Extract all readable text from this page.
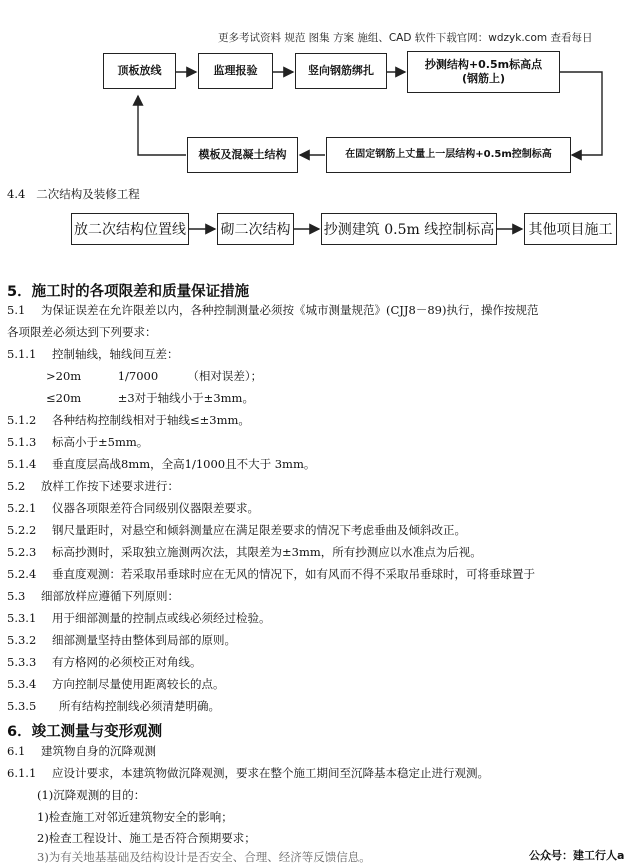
更多考试资料 规范 图集 方案 施组、CAD 软件下载官网：wdzyk.com 查看每日
顶板放线	监理报验	竖向钢筋绑扎	抄测结构+0.5m标高点
(钢筋上)
模板及混凝土结构	在固定钢筋上丈量上一层结构+0.5m控制标高
4.4 二次结构及装修工程
放二次结构位置线 砌二次结构 抄测建筑 0.5m 线控制标高 其他项目施工
5．施工时的各项限差和质量保证措施
5.1 为保证误差在允许限差以内，各种控制测量必须按《城市测量规范》(CJJ8－89)执行，操作按规范
各项限差必须达到下列要求：
5.1.1 控制轴线，轴线间互差：
>20m          1/7000        （相对误差）；
≤20m          ±3对于轴线小于±3mm。
5.1.2 各种结构控制线相对于轴线≤±3mm。
5.1.3 标高小于±5mm。
5.1.4 垂直度层高战8mm，全高1/1000且不大于 3mm。
5.2 放样工作按下述要求进行：
5.2.1 仪器各项限差符合同级别仪器限差要求。
5.2.2 钢尺量距时，对悬空和倾斜测量应在满足限差要求的情况下考虑垂曲及倾斜改正。
5.2.3 标高抄测时，采取独立施测两次法，其限差为±3mm，所有抄测应以水准点为后视。
5.2.4 垂直度观测：若采取吊垂球时应在无风的情况下，如有风而不得不采取吊垂球时，可将垂球置于
5.3 细部放样应遵循下列原则：
5.3.1 用于细部测量的控制点或线必须经过检验。
5.3.2 细部测量坚持由整体到局部的原则。
5.3.3 有方格网的必须校正对角线。
5.3.4 方向控制尽量使用距离较长的点。
5.3.5 所有结构控制线必须清楚明确。
6．竣工测量与变形观测
6.1 建筑物自身的沉降观测
6.1.1 应设计要求，本建筑物做沉降观测，要求在整个施工期间至沉降基本稳定止进行观测。
(1)沉降观测的目的：
1)检查施工对邻近建筑物安全的影响；
2)检查工程设计、施工是否符合预期要求；
3)为有关地基基础及结构设计是否安全、合理、经济等反馈信息。	公众号：建工行人a
